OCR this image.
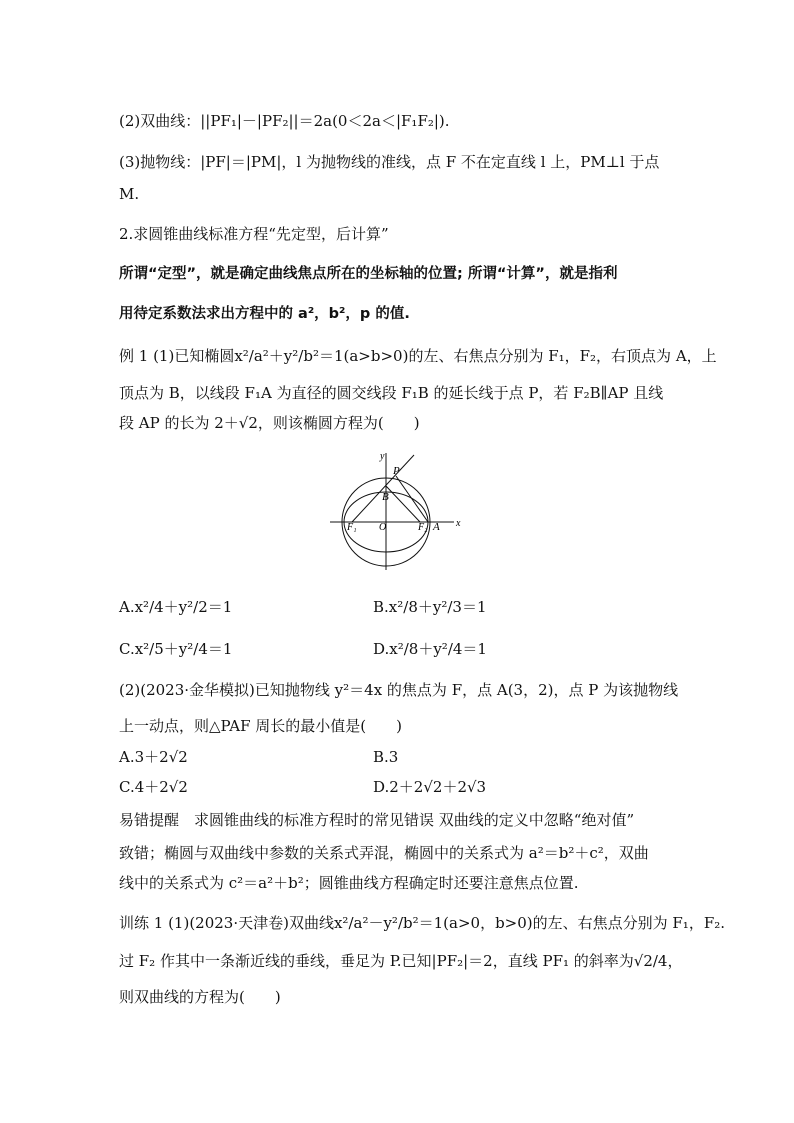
(2)双曲线：||PF₁|－|PF₂||＝2a(0＜2a＜|F₁F₂|).
(3)抛物线：|PF|＝|PM|，l 为抛物线的准线，点 F 不在定直线 l 上，PM⊥l 于点
M.
2.求圆锥曲线标准方程“先定型，后计算”
所谓“定型”，就是确定曲线焦点所在的坐标轴的位置; 所谓“计算”，就是指利
用待定系数法求出方程中的 a²，b²，p 的值.
例 1 (1)已知椭圆x²/a²＋y²/b²＝1(a>b>0)的左、右焦点分别为 F₁，F₂，右顶点为 A，上
顶点为 B，以线段 F₁A 为直径的圆交线段 F₁B 的延长线于点 P，若 F₂B∥AP 且线
段 AP 的长为 2＋√2，则该椭圆方程为(　　)
y
x
P
B
F₁ O	F₂ A
A.x²/4＋y²/2＝1	B.x²/8＋y²/3＝1
C.x²/5＋y²/4＝1	D.x²/8＋y²/4＝1
(2)(2023·金华模拟)已知抛物线 y²＝4x 的焦点为 F，点 A(3，2)，点 P 为该抛物线
上一动点，则△PAF 周长的最小值是(　　)
A.3＋2√2	B.3
C.4＋2√2	D.2＋2√2＋2√3
易错提醒　求圆锥曲线的标准方程时的常见错误 双曲线的定义中忽略“绝对值”
致错；椭圆与双曲线中参数的关系式弄混，椭圆中的关系式为 a²＝b²＋c²，双曲
线中的关系式为 c²＝a²＋b²；圆锥曲线方程确定时还要注意焦点位置.
训练 1 (1)(2023·天津卷)双曲线x²/a²－y²/b²＝1(a>0，b>0)的左、右焦点分别为 F₁，F₂.
过 F₂ 作其中一条渐近线的垂线，垂足为 P.已知|PF₂|＝2，直线 PF₁ 的斜率为√2/4，
则双曲线的方程为(　　)
